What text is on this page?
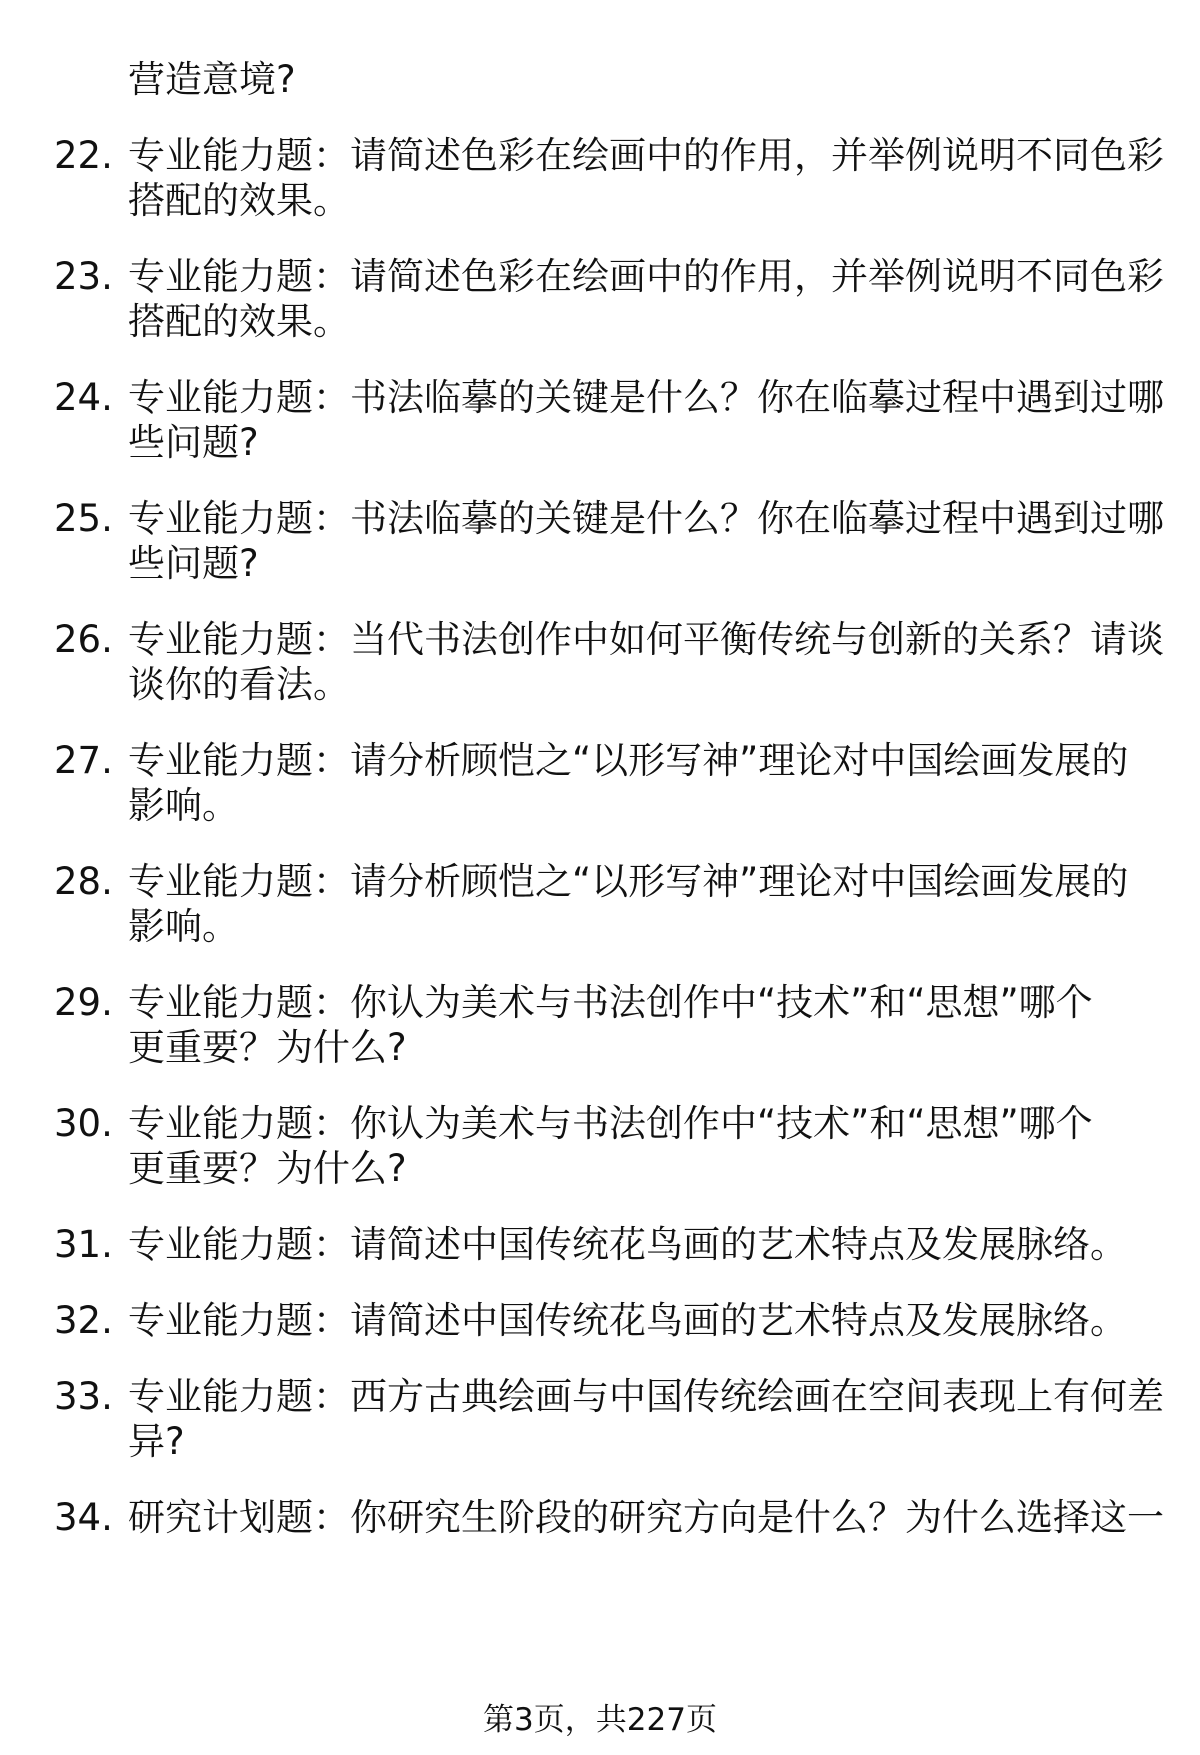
营造意境?
22. 专业能力题：请简述色彩在绘画中的作用，并举例说明不同色彩
搭配的效果。
23. 专业能力题：请简述色彩在绘画中的作用，并举例说明不同色彩
搭配的效果。
24. 专业能力题：书法临摹的关键是什么？你在临摹过程中遇到过哪
些问题?
25. 专业能力题：书法临摹的关键是什么？你在临摹过程中遇到过哪
些问题?
26. 专业能力题：当代书法创作中如何平衡传统与创新的关系？请谈
谈你的看法。
27. 专业能力题：请分析顾恺之“以形写神”理论对中国绘画发展的
影响。
28. 专业能力题：请分析顾恺之“以形写神”理论对中国绘画发展的
影响。
29. 专业能力题：你认为美术与书法创作中“技术”和“思想”哪个
更重要？为什么?
30. 专业能力题：你认为美术与书法创作中“技术”和“思想”哪个
更重要？为什么?
31. 专业能力题：请简述中国传统花鸟画的艺术特点及发展脉络。
32. 专业能力题：请简述中国传统花鸟画的艺术特点及发展脉络。
33. 专业能力题：西方古典绘画与中国传统绘画在空间表现上有何差
异?
34. 研究计划题：你研究生阶段的研究方向是什么？为什么选择这一
第3页，共227页
